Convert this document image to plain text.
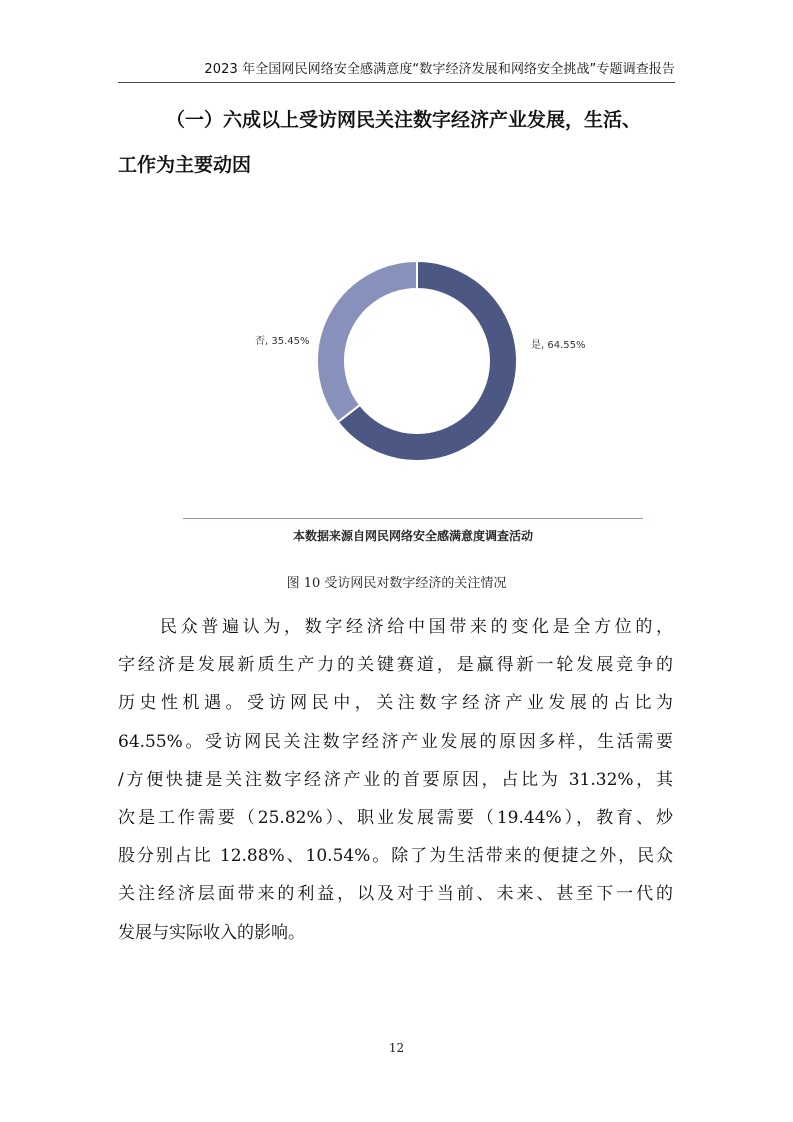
2023 年全国网民网络安全感满意度“数字经济发展和网络安全挑战”专题调查报告
（一）六成以上受访网民关注数字经济产业发展，生活、
工作为主要动因
是, 64.55%
否, 35.45%
本数据来源自网民网络安全感满意度调查活动
图 10 受访网民对数字经济的关注情况
民众普遍认为，数字经济给中国带来的变化是全方位的，
字经济是发展新质生产力的关键赛道，是赢得新一轮发展竞争的
历史性机遇。受访网民中，关注数字经济产业发展的占比为
64.55%。受访网民关注数字经济产业发展的原因多样，生活需要
/方便快捷是关注数字经济产业的首要原因，占比为 31.32%，其
次是工作需要（25.82%）、职业发展需要（19.44%），教育、炒
股分别占比 12.88%、10.54%。除了为生活带来的便捷之外，民众
关注经济层面带来的利益，以及对于当前、未来、甚至下一代的
发展与实际收入的影响。
12
